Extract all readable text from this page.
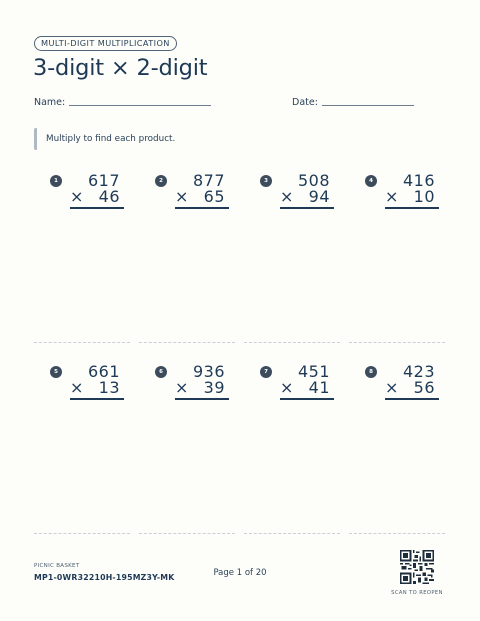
MULTI-DIGIT MULTIPLICATION
3-digit × 2-digit
Name:	Date:
Multiply to find each product.
1 617
× 46
2 877
× 65
3 508
× 94
4 416
× 10
5 661
× 13
6 936
× 39
7 451
× 41
8 423
× 56
PICNIC BASKET
MP1-0WR32210H-195MZ3Y-MK	Page 1 of 20
SCAN TO REOPEN
